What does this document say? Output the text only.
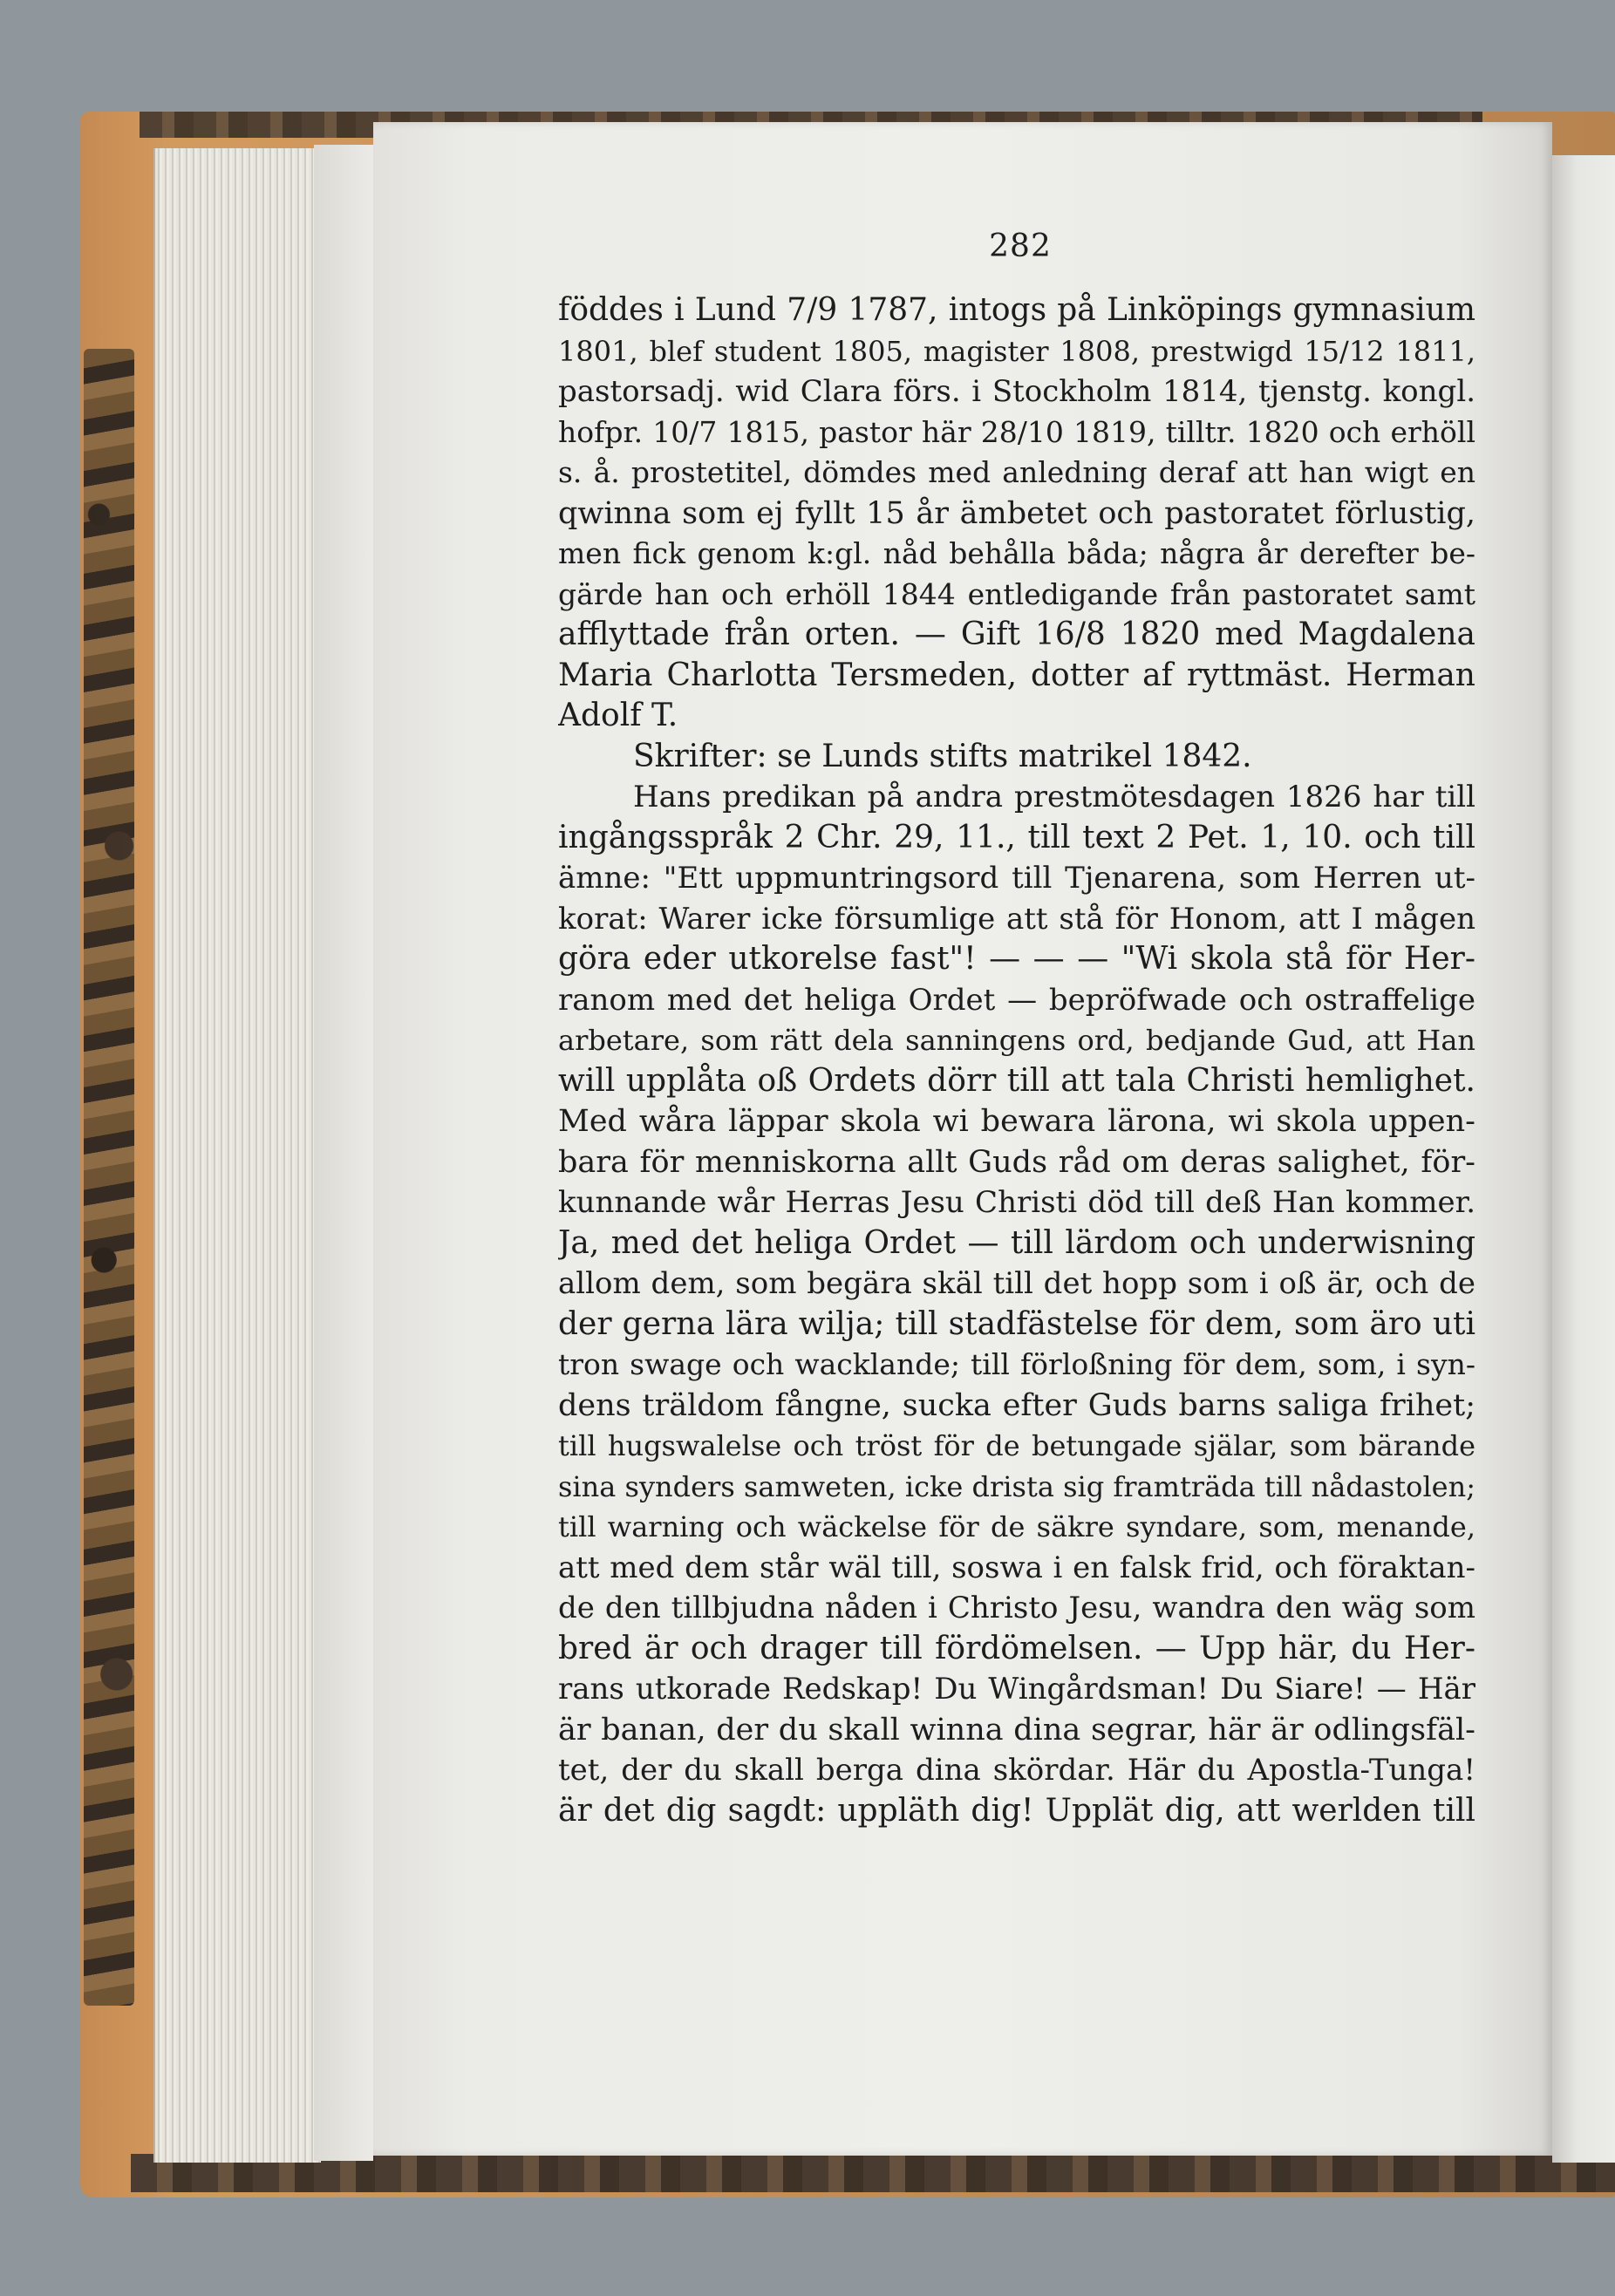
282
föddes i Lund 7/9 1787, intogs på Linköpings gymnasium
1801, blef student 1805, magister 1808, prestwigd 15/12 1811,
pastorsadj. wid Clara förs. i Stockholm 1814, tjenstg. kongl.
hofpr. 10/7 1815, pastor här 28/10 1819, tilltr. 1820 och erhöll
s. å. prostetitel, dömdes med anledning deraf att han wigt en
qwinna som ej fyllt 15 år ämbetet och pastoratet förlustig,
men fick genom k:gl. nåd behålla båda; några år derefter be-
gärde han och erhöll 1844 entledigande från pastoratet samt
afflyttade från orten. — Gift 16/8 1820 med Magdalena
Maria Charlotta Tersmeden, dotter af ryttmäst. Herman
Adolf T.
Skrifter: se Lunds stifts matrikel 1842.
Hans predikan på andra prestmötesdagen 1826 har till
ingångsspråk 2 Chr. 29, 11., till text 2 Pet. 1, 10. och till
ämne: "Ett uppmuntringsord till Tjenarena, som Herren ut-
korat: Warer icke försumlige att stå för Honom, att I mågen
göra eder utkorelse fast"! — — — "Wi skola stå för Her-
ranom med det heliga Ordet — bepröfwade och ostraffelige
arbetare, som rätt dela sanningens ord, bedjande Gud, att Han
will upplåta oß Ordets dörr till att tala Christi hemlighet.
Med wåra läppar skola wi bewara lärona, wi skola uppen-
bara för menniskorna allt Guds råd om deras salighet, för-
kunnande wår Herras Jesu Christi död till deß Han kommer.
Ja, med det heliga Ordet — till lärdom och underwisning
allom dem, som begära skäl till det hopp som i oß är, och de
der gerna lära wilja; till stadfästelse för dem, som äro uti
tron swage och wacklande; till förloßning för dem, som, i syn-
dens träldom fångne, sucka efter Guds barns saliga frihet;
till hugswalelse och tröst för de betungade själar, som bärande
sina synders samweten, icke drista sig framträda till nådastolen;
till warning och wäckelse för de säkre syndare, som, menande,
att med dem står wäl till, soswa i en falsk frid, och föraktan-
de den tillbjudna nåden i Christo Jesu, wandra den wäg som
bred är och drager till fördömelsen. — Upp här, du Her-
rans utkorade Redskap! Du Wingårdsman! Du Siare! — Här
är banan, der du skall winna dina segrar, här är odlingsfäl-
tet, der du skall berga dina skördar. Här du Apostla-Tunga!
är det dig sagdt: uppläth dig! Upplät dig, att werlden till
